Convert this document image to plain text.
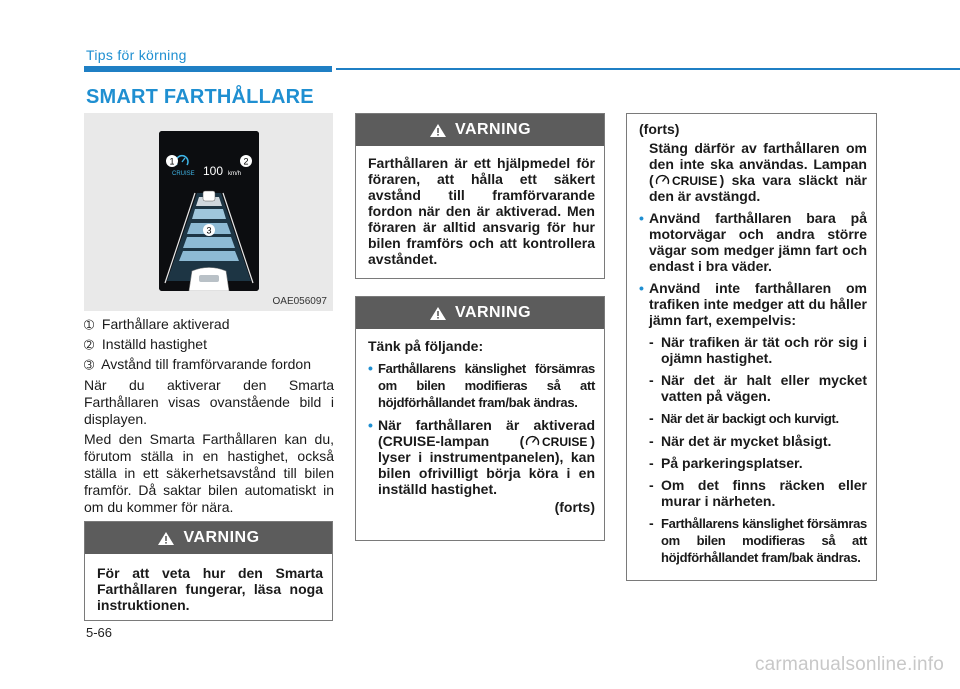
Tips för körning
SMART FARTHÅLLARE
CRUISE 100 km/h
3
1	2
OAE056097
➀ Farthållare aktiverad
➁ Inställd hastighet
➂ Avstånd till framförvarande fordon
När du aktiverar den Smarta Farthållaren visas ovanstående bild i displayen.
Med den Smarta Farthållaren kan du, förutom ställa in en hastighet, också ställa in ett säkerhetsavstånd till bilen framför. Då saktar bilen automatiskt in om du kommer för nära.
VARNING
För att veta hur den Smarta Farthållaren fungerar, läsa noga instruktionen.
VARNING
Farthållaren är ett hjälpmedel för föraren, att hålla ett säkert avstånd till framförvarande fordon när den är aktiverad. Men föraren är alltid ansvarig för hur bilen framförs och att kontrollera avståndet.
VARNING
Tänk på följande:
• Farthållarens känslighet försämras om bilen modifieras så att höjdförhållandet fram/bak ändras.
• När farthållaren är aktiverad (CRUISE-lampan ( CRUISE ) lyser i instrumentpanelen), kan bilen ofrivilligt börja köra i en inställd hastighet.
(forts)
(forts)
Stäng därför av farthållaren om den inte ska användas. Lampan ( CRUISE ) ska vara släckt när den är avstängd.
• Använd farthållaren bara på motorvägar och andra större vägar som medger jämn fart och endast i bra väder.
• Använd inte farthållaren om trafiken inte medger att du håller jämn fart, exempelvis:
- När trafiken är tät och rör sig i ojämn hastighet.
- När det är halt eller mycket vatten på vägen.
- När det är backigt och kurvigt.
- När det är mycket blåsigt.
- På parkeringsplatser.
- Om det finns räcken eller murar i närheten.
- Farthållarens känslighet försämras om bilen modifieras så att höjdförhållandet fram/bak ändras.
5-66
carmanualsonline.info
